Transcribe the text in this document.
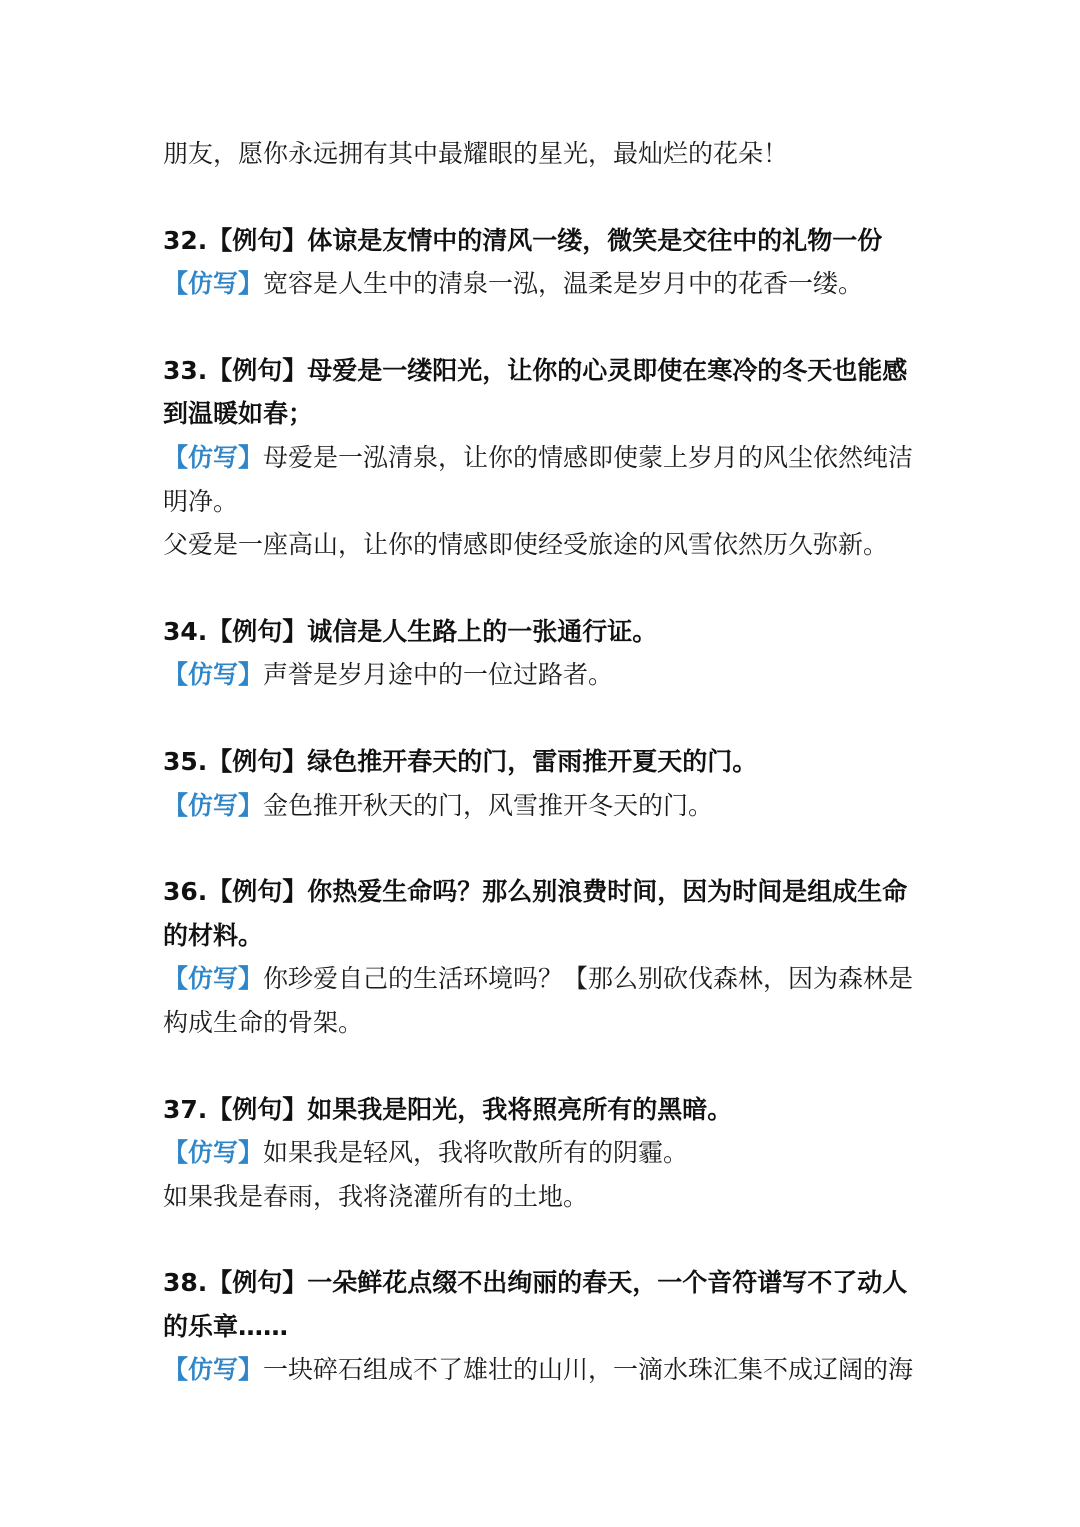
朋友，愿你永远拥有其中最耀眼的星光，最灿烂的花朵！
32.【例句】体谅是友情中的清风一缕，微笑是交往中的礼物一份
【仿写】宽容是人生中的清泉一泓，温柔是岁月中的花香一缕。
33.【例句】母爱是一缕阳光，让你的心灵即使在寒冷的冬天也能感
到温暖如春；
【仿写】母爱是一泓清泉，让你的情感即使蒙上岁月的风尘依然纯洁
明净。
父爱是一座高山，让你的情感即使经受旅途的风雪依然历久弥新。
34.【例句】诚信是人生路上的一张通行证。
【仿写】声誉是岁月途中的一位过路者。
35.【例句】绿色推开春天的门，雷雨推开夏天的门。
【仿写】金色推开秋天的门，风雪推开冬天的门。
36.【例句】你热爱生命吗？那么别浪费时间，因为时间是组成生命
的材料。
【仿写】你珍爱自己的生活环境吗？【那么别砍伐森林，因为森林是
构成生命的骨架。
37.【例句】如果我是阳光，我将照亮所有的黑暗。
【仿写】如果我是轻风，我将吹散所有的阴霾。
如果我是春雨，我将浇灌所有的土地。
38.【例句】一朵鲜花点缀不出绚丽的春天，一个音符谱写不了动人
的乐章……
【仿写】一块碎石组成不了雄壮的山川，一滴水珠汇集不成辽阔的海
